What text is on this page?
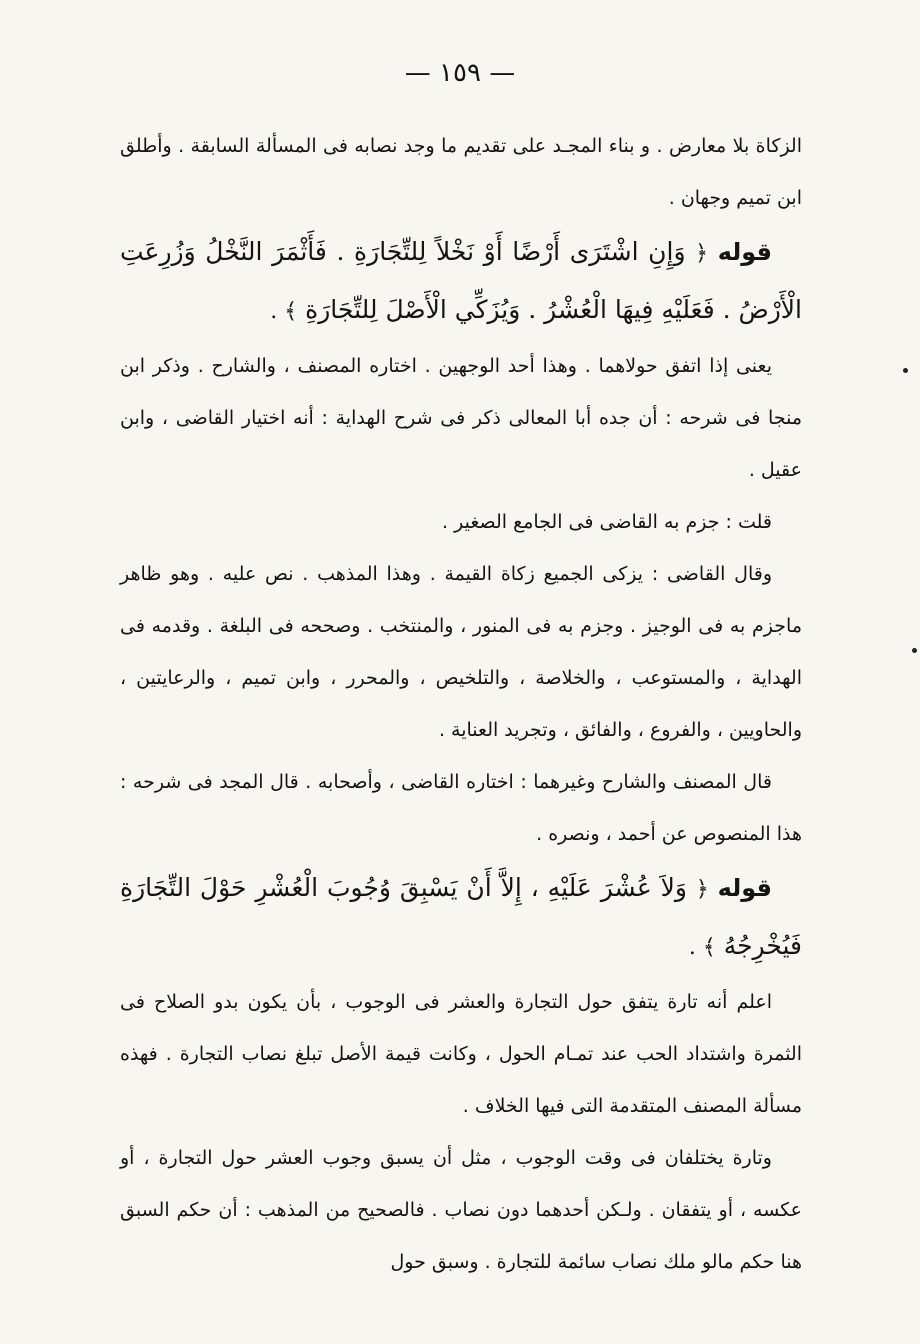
— ١٥٩ —

الزكاة بلا معارض . و بناء المجـد على تقديم ما وجد نصابه فى المسألة السابقة . وأطلق ابن تميم وجهان .

قوله ﴿ وَإِنِ اشْتَرَى أَرْضًا أَوْ نَخْلاً لِلتِّجَارَةِ . فَأَثْمَرَ النَّخْلُ وَزُرِعَتِ الْأَرْضُ . فَعَلَيْهِ فِيهَا الْعُشْرُ . وَيُزَكِّي الْأَصْلَ لِلتِّجَارَةِ ﴾ .

يعنى إذا اتفق حولاهما . وهذا أحد الوجهين . اختاره المصنف ، والشارح . وذكر ابن منجا فى شرحه : أن جده أبا المعالى ذكر فى شرح الهداية : أنه اختيار القاضى ، وابن عقيل .

قلت : جزم به القاضى فى الجامع الصغير .

وقال القاضى : يزكى الجميع زكاة القيمة . وهذا المذهب . نص عليه . وهو ظاهر ماجزم به فى الوجيز . وجزم به فى المنور ، والمنتخب . وصححه فى البلغة . وقدمه فى الهداية ، والمستوعب ، والخلاصة ، والتلخيص ، والمحرر ، وابن تميم ، والرعايتين ، والحاويين ، والفروع ، والفائق ، وتجريد العناية .

قال المصنف والشارح وغيرهما : اختاره القاضى ، وأصحابه . قال المجد فى شرحه : هذا المنصوص عن أحمد ، ونصره .

قوله ﴿ وَلاَ عُشْرَ عَلَيْهِ ، إِلاَّ أَنْ يَسْبِقَ وُجُوبَ الْعُشْرِ حَوْلَ التِّجَارَةِ فَيُخْرِجُهُ ﴾ .

اعلم أنه تارة يتفق حول التجارة والعشر فى الوجوب ، بأن يكون بدو الصلاح فى الثمرة واشتداد الحب عند تمـام الحول ، وكانت قيمة الأصل تبلغ نصاب التجارة . فهذه مسألة المصنف المتقدمة التى فيها الخلاف .

وتارة يختلفان فى وقت الوجوب ، مثل أن يسبق وجوب العشر حول التجارة ، أو عكسه ، أو يتفقان . ولـكن أحدهما دون نصاب . فالصحيح من المذهب : أن حكم السبق هنا حكم مالو ملك نصاب سائمة للتجارة . وسبق حول
